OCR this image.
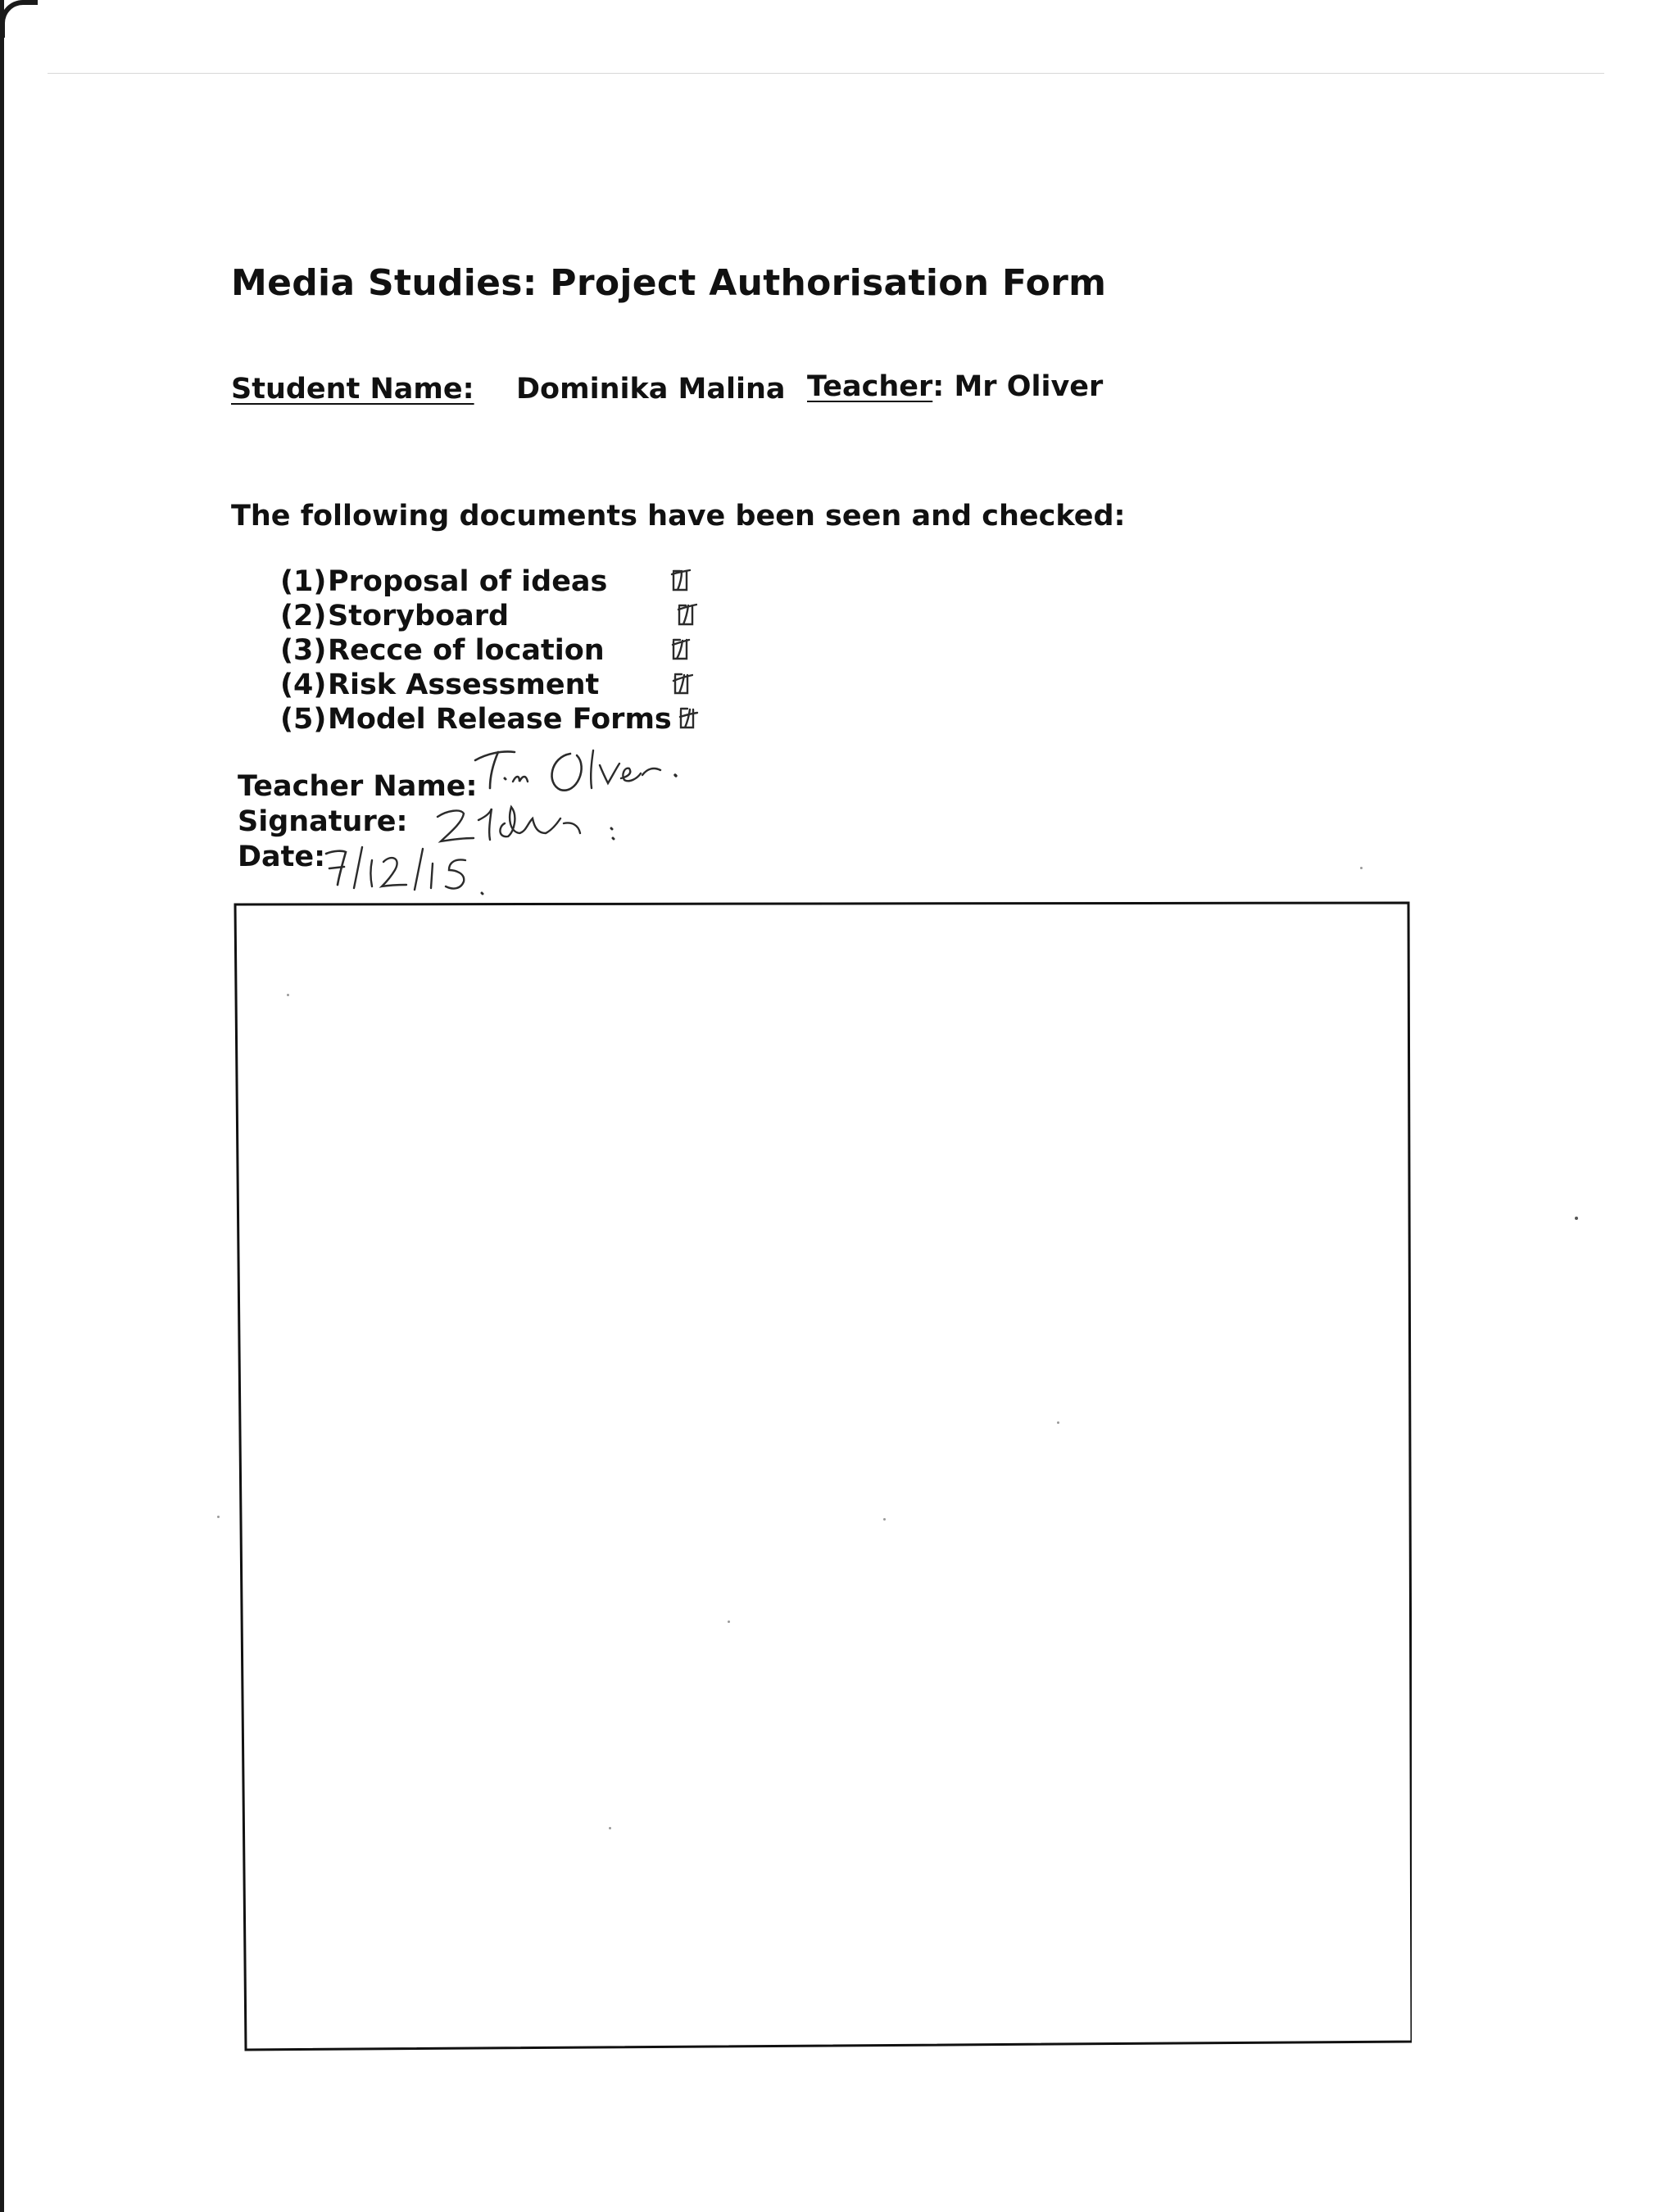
Media Studies: Project Authorisation Form
Student Name: Dominika Malina Teacher: Mr Oliver
The following documents have been seen and checked:
(1)Proposal of ideas
(2)Storyboard
(3)Recce of location
(4)Risk Assessment
(5)Model Release Forms
Teacher Name:
Signature:
Date:
